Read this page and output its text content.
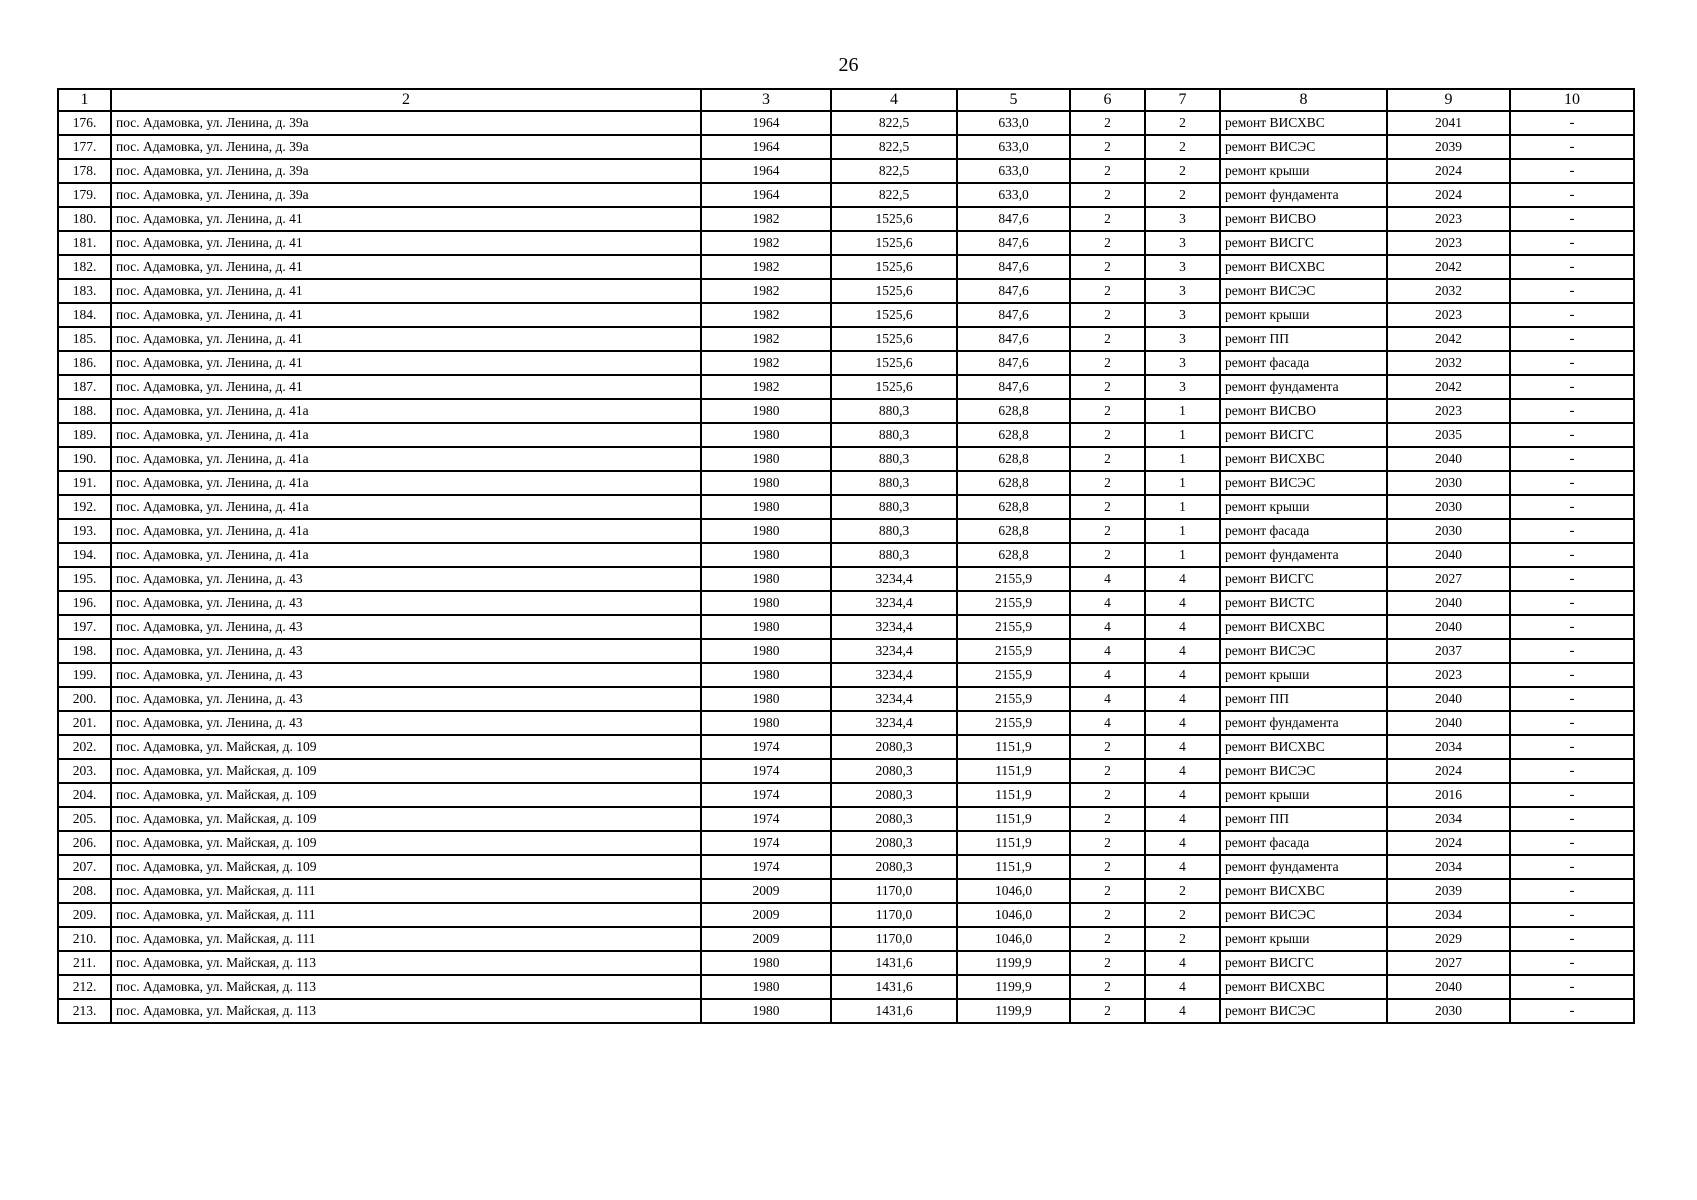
26
1	2	3	4	5	6	7	8	9	10
176.	пос. Адамовка, ул. Ленина, д. 39а	1964	822,5	633,0	2	2	ремонт ВИСХВС	2041	-
177.	пос. Адамовка, ул. Ленина, д. 39а	1964	822,5	633,0	2	2	ремонт ВИСЭС	2039	-
178.	пос. Адамовка, ул. Ленина, д. 39а	1964	822,5	633,0	2	2	ремонт крыши	2024	-
179.	пос. Адамовка, ул. Ленина, д. 39а	1964	822,5	633,0	2	2	ремонт фундамента	2024	-
180.	пос. Адамовка, ул. Ленина, д. 41	1982	1525,6	847,6	2	3	ремонт ВИСВО	2023	-
181.	пос. Адамовка, ул. Ленина, д. 41	1982	1525,6	847,6	2	3	ремонт ВИСГС	2023	-
182.	пос. Адамовка, ул. Ленина, д. 41	1982	1525,6	847,6	2	3	ремонт ВИСХВС	2042	-
183.	пос. Адамовка, ул. Ленина, д. 41	1982	1525,6	847,6	2	3	ремонт ВИСЭС	2032	-
184.	пос. Адамовка, ул. Ленина, д. 41	1982	1525,6	847,6	2	3	ремонт крыши	2023	-
185.	пос. Адамовка, ул. Ленина, д. 41	1982	1525,6	847,6	2	3	ремонт ПП	2042	-
186.	пос. Адамовка, ул. Ленина, д. 41	1982	1525,6	847,6	2	3	ремонт фасада	2032	-
187.	пос. Адамовка, ул. Ленина, д. 41	1982	1525,6	847,6	2	3	ремонт фундамента	2042	-
188.	пос. Адамовка, ул. Ленина, д. 41а	1980	880,3	628,8	2	1	ремонт ВИСВО	2023	-
189.	пос. Адамовка, ул. Ленина, д. 41а	1980	880,3	628,8	2	1	ремонт ВИСГС	2035	-
190.	пос. Адамовка, ул. Ленина, д. 41а	1980	880,3	628,8	2	1	ремонт ВИСХВС	2040	-
191.	пос. Адамовка, ул. Ленина, д. 41а	1980	880,3	628,8	2	1	ремонт ВИСЭС	2030	-
192.	пос. Адамовка, ул. Ленина, д. 41а	1980	880,3	628,8	2	1	ремонт крыши	2030	-
193.	пос. Адамовка, ул. Ленина, д. 41а	1980	880,3	628,8	2	1	ремонт фасада	2030	-
194.	пос. Адамовка, ул. Ленина, д. 41а	1980	880,3	628,8	2	1	ремонт фундамента	2040	-
195.	пос. Адамовка, ул. Ленина, д. 43	1980	3234,4	2155,9	4	4	ремонт ВИСГС	2027	-
196.	пос. Адамовка, ул. Ленина, д. 43	1980	3234,4	2155,9	4	4	ремонт ВИСТС	2040	-
197.	пос. Адамовка, ул. Ленина, д. 43	1980	3234,4	2155,9	4	4	ремонт ВИСХВС	2040	-
198.	пос. Адамовка, ул. Ленина, д. 43	1980	3234,4	2155,9	4	4	ремонт ВИСЭС	2037	-
199.	пос. Адамовка, ул. Ленина, д. 43	1980	3234,4	2155,9	4	4	ремонт крыши	2023	-
200.	пос. Адамовка, ул. Ленина, д. 43	1980	3234,4	2155,9	4	4	ремонт ПП	2040	-
201.	пос. Адамовка, ул. Ленина, д. 43	1980	3234,4	2155,9	4	4	ремонт фундамента	2040	-
202.	пос. Адамовка, ул. Майская, д. 109	1974	2080,3	1151,9	2	4	ремонт ВИСХВС	2034	-
203.	пос. Адамовка, ул. Майская, д. 109	1974	2080,3	1151,9	2	4	ремонт ВИСЭС	2024	-
204.	пос. Адамовка, ул. Майская, д. 109	1974	2080,3	1151,9	2	4	ремонт крыши	2016	-
205.	пос. Адамовка, ул. Майская, д. 109	1974	2080,3	1151,9	2	4	ремонт ПП	2034	-
206.	пос. Адамовка, ул. Майская, д. 109	1974	2080,3	1151,9	2	4	ремонт фасада	2024	-
207.	пос. Адамовка, ул. Майская, д. 109	1974	2080,3	1151,9	2	4	ремонт фундамента	2034	-
208.	пос. Адамовка, ул. Майская, д. 111	2009	1170,0	1046,0	2	2	ремонт ВИСХВС	2039	-
209.	пос. Адамовка, ул. Майская, д. 111	2009	1170,0	1046,0	2	2	ремонт ВИСЭС	2034	-
210.	пос. Адамовка, ул. Майская, д. 111	2009	1170,0	1046,0	2	2	ремонт крыши	2029	-
211.	пос. Адамовка, ул. Майская, д. 113	1980	1431,6	1199,9	2	4	ремонт ВИСГС	2027	-
212.	пос. Адамовка, ул. Майская, д. 113	1980	1431,6	1199,9	2	4	ремонт ВИСХВС	2040	-
213.	пос. Адамовка, ул. Майская, д. 113	1980	1431,6	1199,9	2	4	ремонт ВИСЭС	2030	-
